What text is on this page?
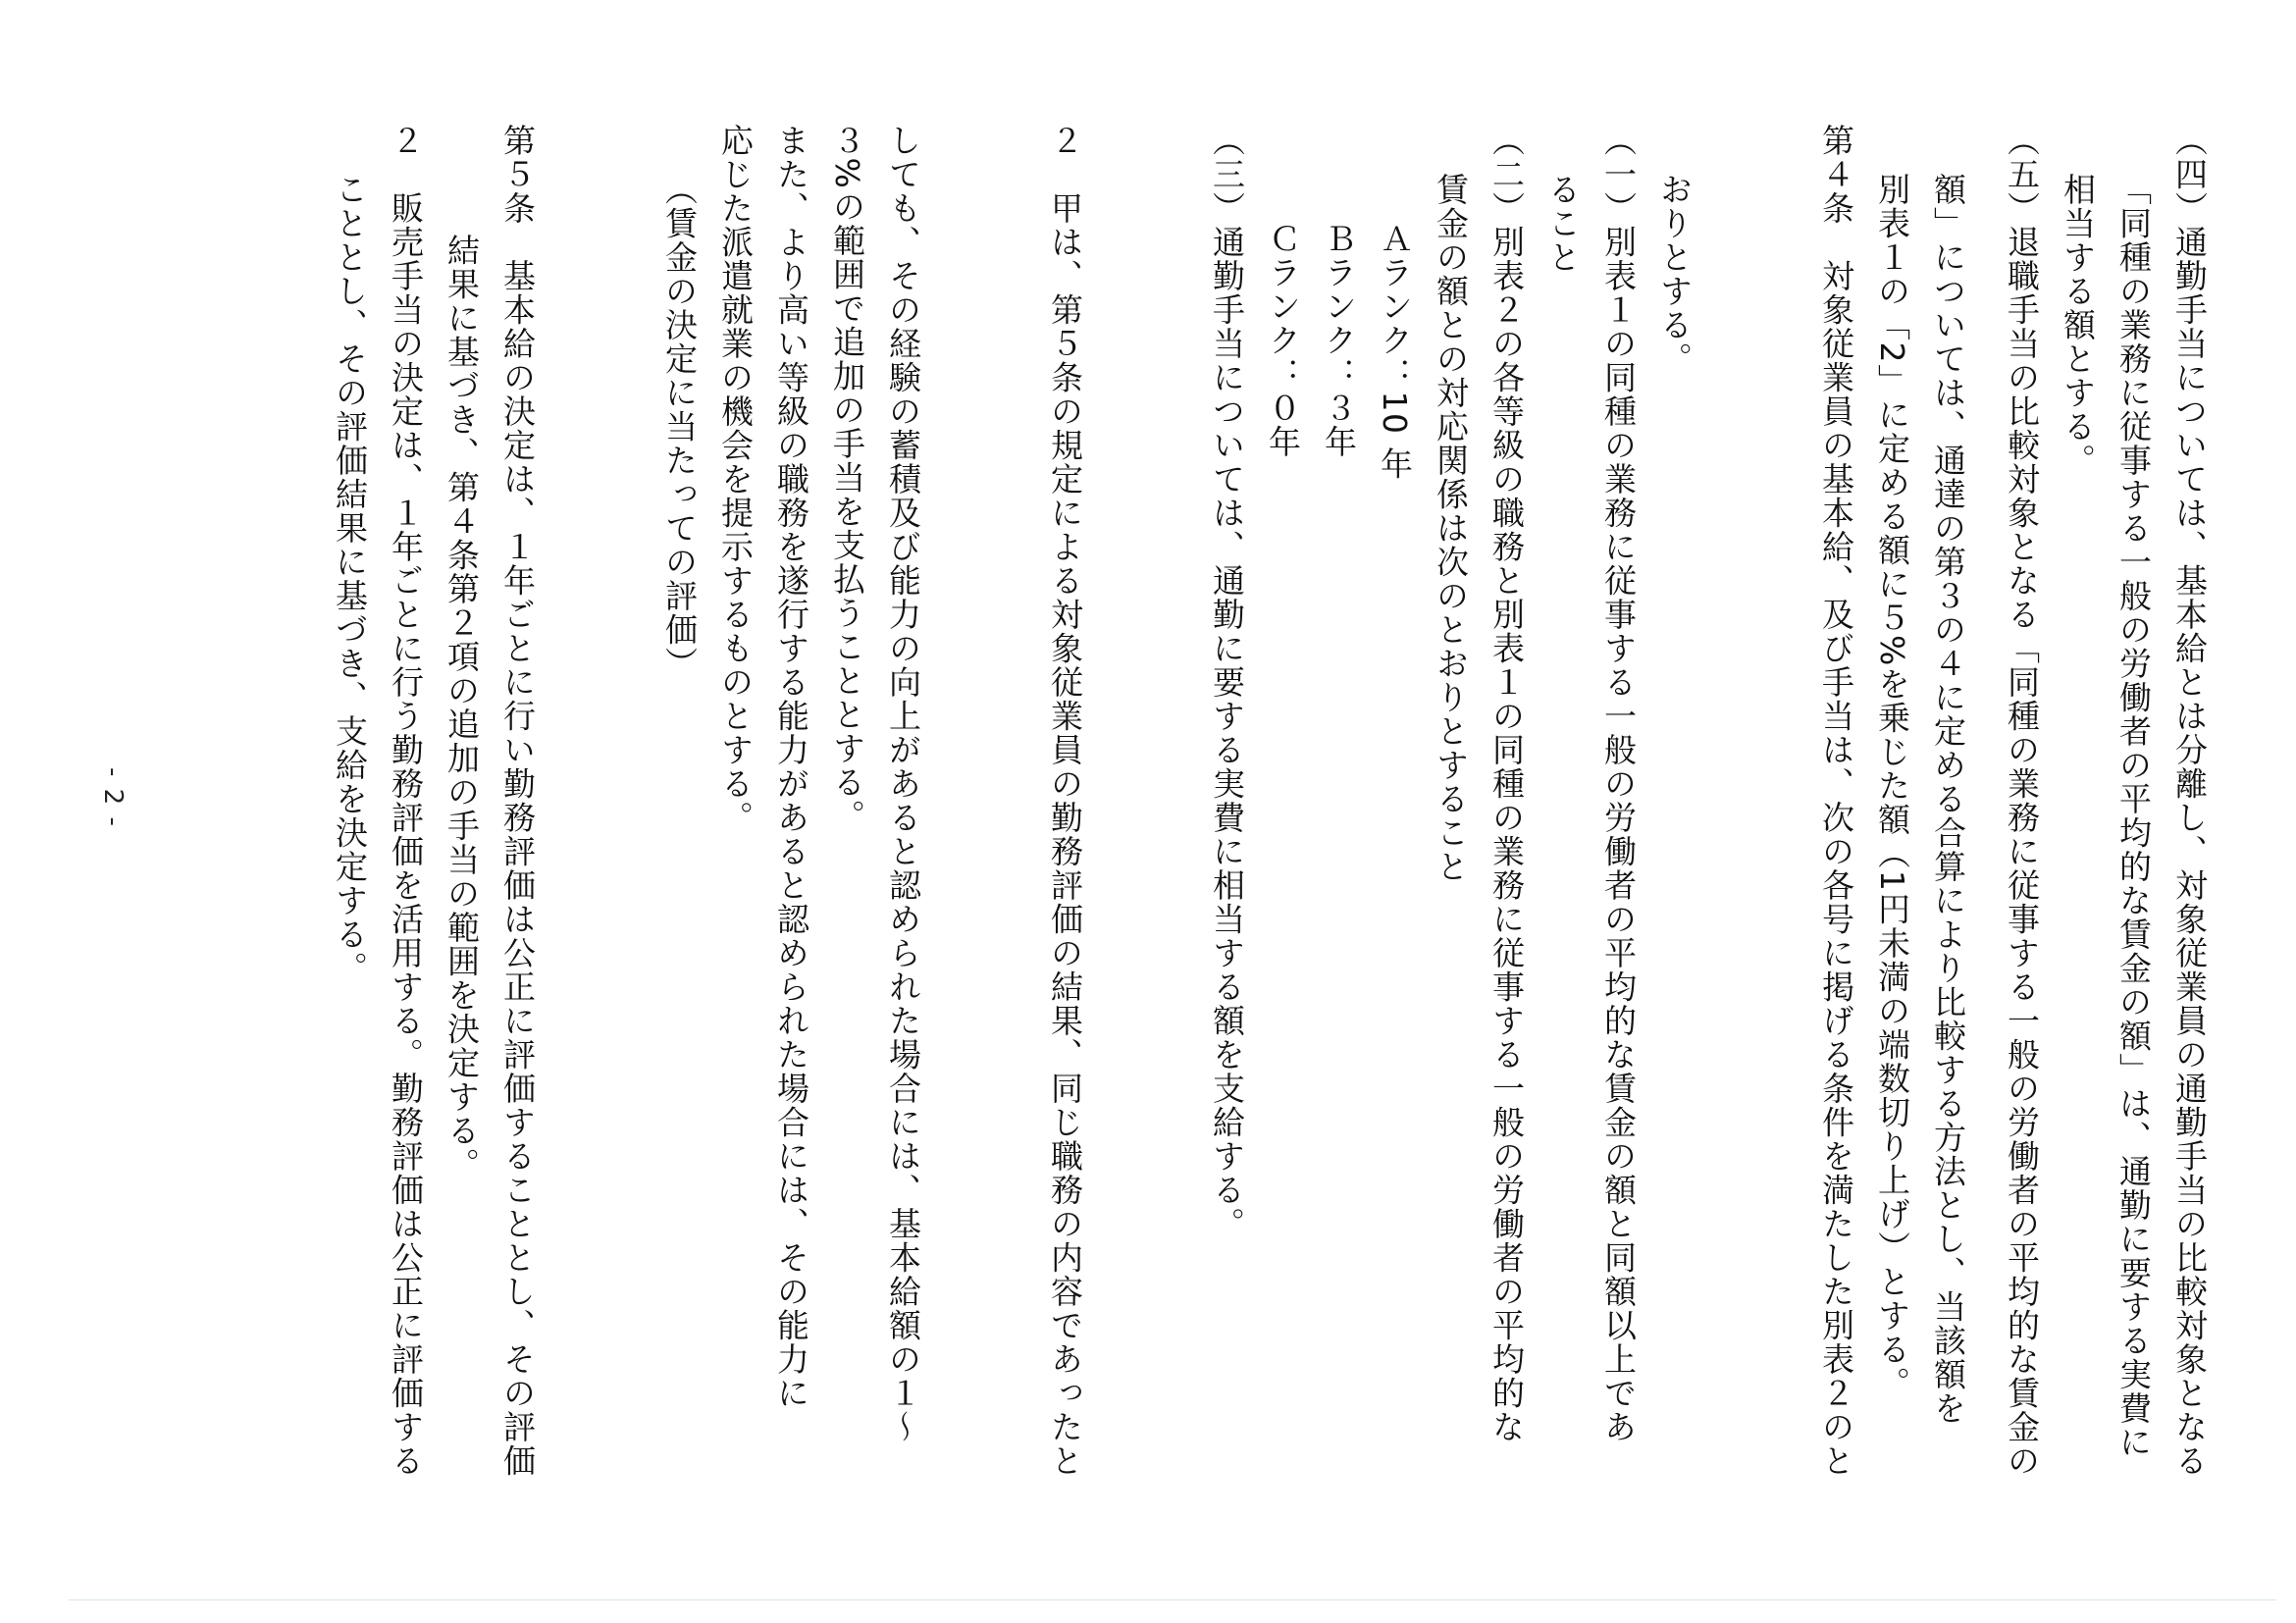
（四）通勤手当については、基本給とは分離し、対象従業員の通勤手当の比較対象となる
「同種の業務に従事する一般の労働者の平均的な賃金の額」は、通勤に要する実費に
相当する額とする。
（五）退職手当の比較対象となる「同種の業務に従事する一般の労働者の平均的な賃金の
額」については、通達の第３の４に定める合算により比較する方法とし、当該額を
別表１の「2」に定める額に５%を乗じた額（1円未満の端数切り上げ）とする。
第４条　対象従業員の基本給、及び手当は、次の各号に掲げる条件を満たした別表２のと
おりとする。
（一）別表１の同種の業務に従事する一般の労働者の平均的な賃金の額と同額以上であ
ること
（二）別表２の各等級の職務と別表１の同種の業務に従事する一般の労働者の平均的な
賃金の額との対応関係は次のとおりとすること
Ａランク：10 年
Ｂランク：３年
Ｃランク：０年
（三）通勤手当については、通勤に要する実費に相当する額を支給する。
２　甲は、第５条の規定による対象従業員の勤務評価の結果、同じ職務の内容であったと
しても、その経験の蓄積及び能力の向上があると認められた場合には、基本給額の１～
３%の範囲で追加の手当を支払うこととする。
また、より高い等級の職務を遂行する能力があると認められた場合には、その能力に
応じた派遣就業の機会を提示するものとする。
（賃金の決定に当たっての評価）
第５条　基本給の決定は、１年ごとに行い勤務評価は公正に評価することとし、その評価
結果に基づき、第４条第２項の追加の手当の範囲を決定する。
２　販売手当の決定は、１年ごとに行う勤務評価を活用する。勤務評価は公正に評価する
こととし、その評価結果に基づき、支給を決定する。
- 2 -
